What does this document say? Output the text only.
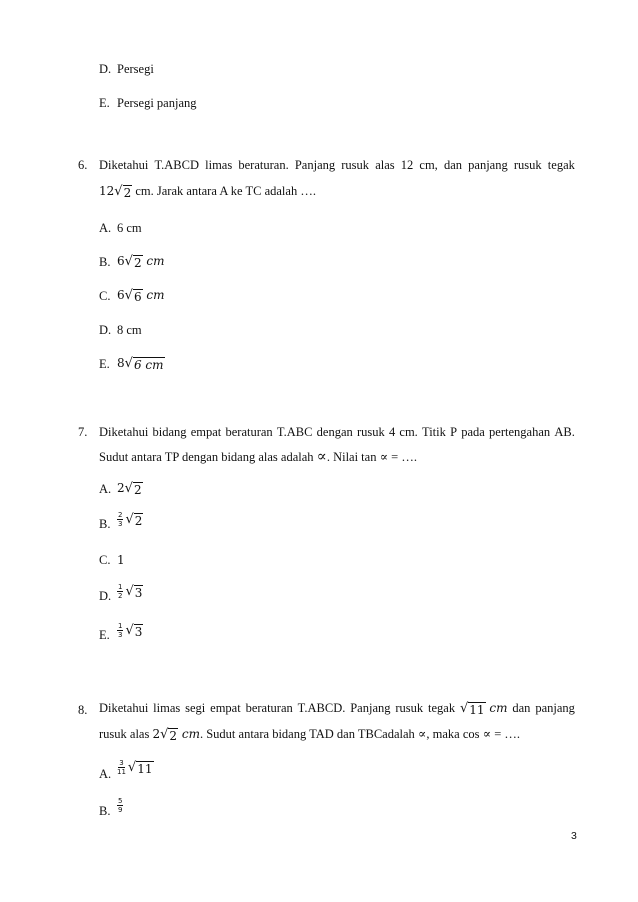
D. Persegi
E. Persegi panjang
6. Diketahui T.ABCD limas beraturan. Panjang rusuk alas 12 cm, dan panjang rusuk tegak
12 √ 2 cm. Jarak antara A ke TC adalah ….
A. 6 cm
B. 6 √ 2 cm
C. 6 √ 6 cm
D. 8 cm
E. 8 √ 6 cm
7. Diketahui bidang empat beraturan T.ABC dengan rusuk 4 cm. Titik P pada pertengahan AB.
Sudut antara TP dengan bidang alas adalah ∝. Nilai tan ∝ = ….
A. 2 √ 2
B. $\frac{2}{3}$ √ 2
C. 1
D. $\frac{1}{2}$ √ 3
E. $\frac{1}{3}$ √ 3
8. Diketahui limas segi empat beraturan T.ABCD. Panjang rusuk tegak √ 11 cm dan panjang
rusuk alas 2 √ 2 cm. Sudut antara bidang TAD dan TBCadalah ∝, maka cos ∝ = ….
A. $\frac{3}{11}$ √ 11
B. $\frac{5}{9}$
3
